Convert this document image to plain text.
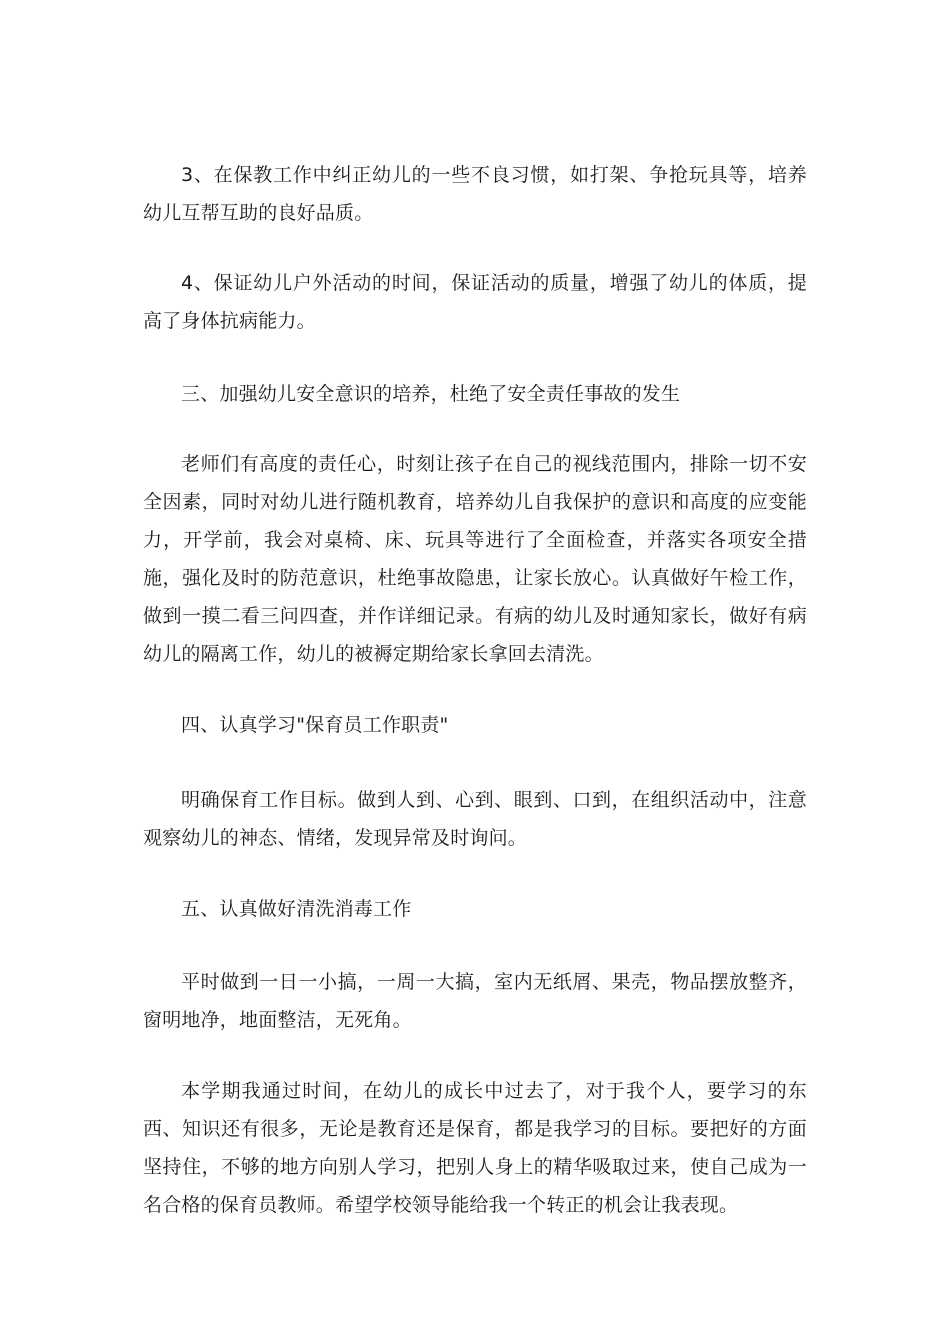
3、在保教工作中纠正幼儿的一些不良习惯，如打架、争抢玩具等，培养幼儿互帮互助的良好品质。

4、保证幼儿户外活动的时间，保证活动的质量，增强了幼儿的体质，提高了身体抗病能力。

三、加强幼儿安全意识的培养，杜绝了安全责任事故的发生

老师们有高度的责任心，时刻让孩子在自己的视线范围内，排除一切不安全因素，同时对幼儿进行随机教育，培养幼儿自我保护的意识和高度的应变能力，开学前，我会对桌椅、床、玩具等进行了全面检查，并落实各项安全措施，强化及时的防范意识，杜绝事故隐患，让家长放心。认真做好午检工作，做到一摸二看三问四查，并作详细记录。有病的幼儿及时通知家长，做好有病幼儿的隔离工作，幼儿的被褥定期给家长拿回去清洗。

四、认真学习"保育员工作职责"

明确保育工作目标。做到人到、心到、眼到、口到，在组织活动中，注意观察幼儿的神态、情绪，发现异常及时询问。

五、认真做好清洗消毒工作

平时做到一日一小搞，一周一大搞，室内无纸屑、果壳，物品摆放整齐，窗明地净，地面整洁，无死角。

本学期我通过时间，在幼儿的成长中过去了，对于我个人，要学习的东西、知识还有很多，无论是教育还是保育，都是我学习的目标。要把好的方面坚持住，不够的地方向别人学习，把别人身上的精华吸取过来，使自己成为一名合格的保育员教师。希望学校领导能给我一个转正的机会让我表现。
